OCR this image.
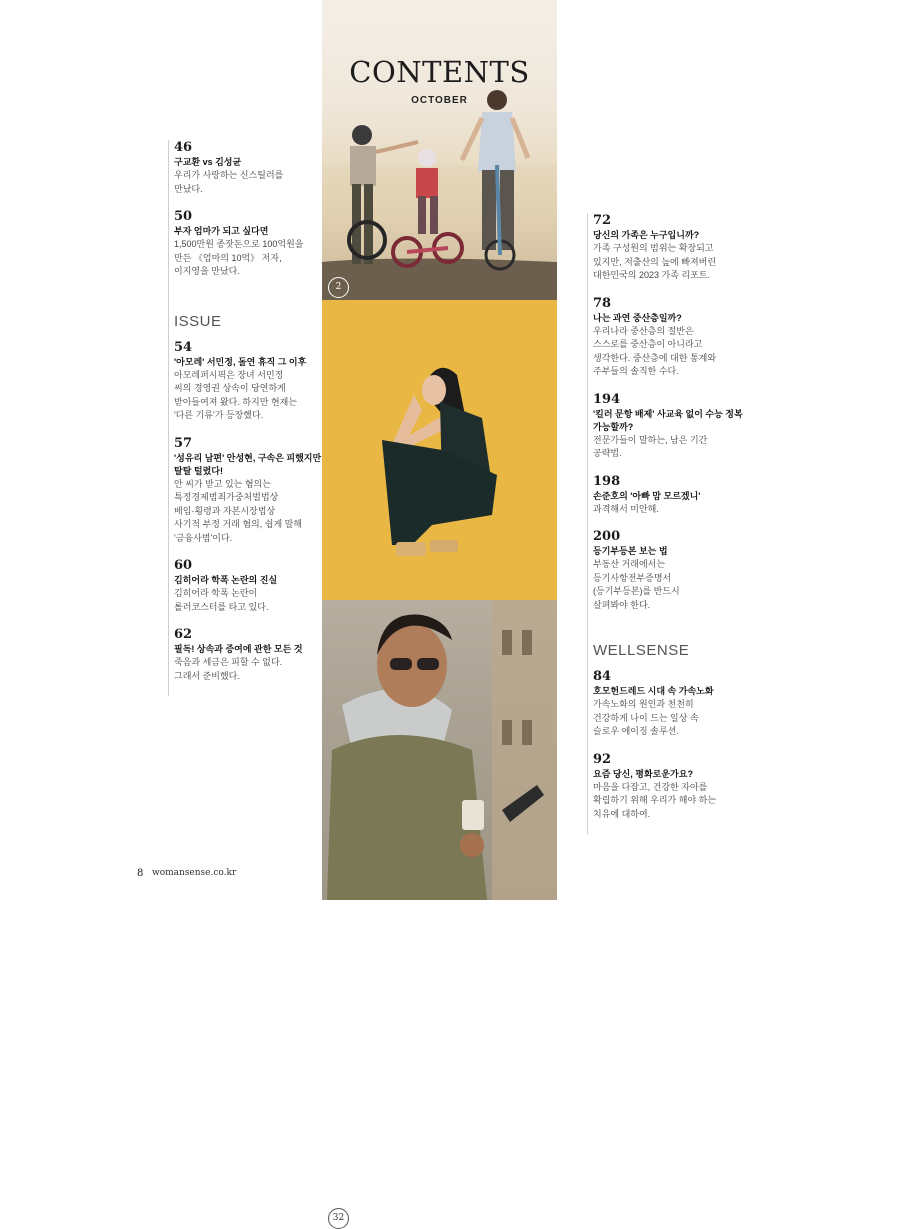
CONTENTS
OCTOBER
2
32
46
구교환 vs 김성균
우리가 사랑하는 신스틸러를
만났다.
50
부자 엄마가 되고 싶다면
1,500만원 종잣돈으로 100억원을
만든 《엄마의 10억》 저자,
이지영을 만났다.
ISSUE
54
'아모레' 서민정, 돌연 휴직 그 이후
아모레퍼시픽은 장녀 서민정
씨의 경영권 상속이 당연하게
받아들여져 왔다. 하지만 현재는
'다른 기류'가 등장했다.
57
'성유리 남편' 안성현, 구속은 피했지만 탈탈 털렸다!
안 씨가 받고 있는 혐의는
특정경제범죄가중처벌법상
배임·횡령과 자본시장법상
사기적 부정 거래 혐의, 쉽게 말해
'금융사범'이다.
60
김히어라 학폭 논란의 진실
김히어라 학폭 논란이
롤러코스터를 타고 있다.
62
필독! 상속과 증여에 관한 모든 것
죽음과 세금은 피할 수 없다.
그래서 준비했다.
72
당신의 가족은 누구입니까?
가족 구성원의 범위는 확장되고
있지만, 저출산의 늪에 빠져버린
대한민국의 2023 가족 리포트.
78
나는 과연 중산층일까?
우리나라 중산층의 절반은
스스로를 중산층이 아니라고
생각한다. 중산층에 대한 통계와
주부들의 솔직한 수다.
194
'킬러 문항 배제' 사교육 없이 수능 정복 가능할까?
전문가들이 말하는, 남은 기간
공략법.
198
손준호의 '아빠 맘 모르겠니'
과격해서 미안해.
200
등기부등본 보는 법
부동산 거래에서는
등기사항전부증명서
(등기부등본)를 반드시
살펴봐야 한다.
WELLSENSE
84
호모헌드레드 시대 속 가속노화
가속노화의 원인과 천천히
건강하게 나이 드는 일상 속
슬로우 에이징 솔루션.
92
요즘 당신, 평화로운가요?
마음을 다잡고, 건강한 자아를
확립하기 위해 우리가 해야 하는
치유에 대하여.
8 womansense.co.kr
